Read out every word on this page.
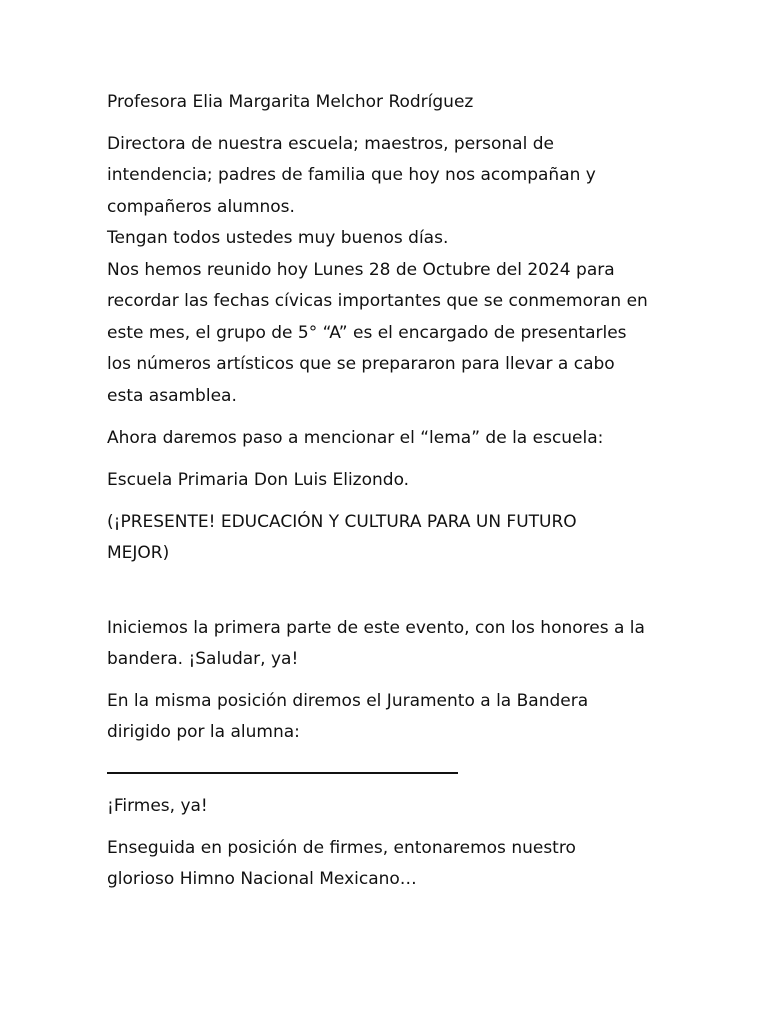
Profesora Elia Margarita Melchor Rodríguez

Directora de nuestra escuela; maestros, personal de

intendencia; padres de familia que hoy nos acompañan y

compañeros alumnos.

Tengan todos ustedes muy buenos días.

Nos hemos reunido hoy Lunes 28 de Octubre del 2024 para

recordar las fechas cívicas importantes que se conmemoran en

este mes, el grupo de 5° “A” es el encargado de presentarles

los números artísticos que se prepararon para llevar a cabo

esta asamblea.

Ahora daremos paso a mencionar el “lema” de la escuela:

Escuela Primaria Don Luis Elizondo.

(¡PRESENTE! EDUCACIÓN Y CULTURA PARA UN FUTURO

MEJOR)

Iniciemos la primera parte de este evento, con los honores a la

bandera. ¡Saludar, ya!

En la misma posición diremos el Juramento a la Bandera

dirigido por la alumna:

¡Firmes, ya!

Enseguida en posición de firmes, entonaremos nuestro

glorioso Himno Nacional Mexicano…
